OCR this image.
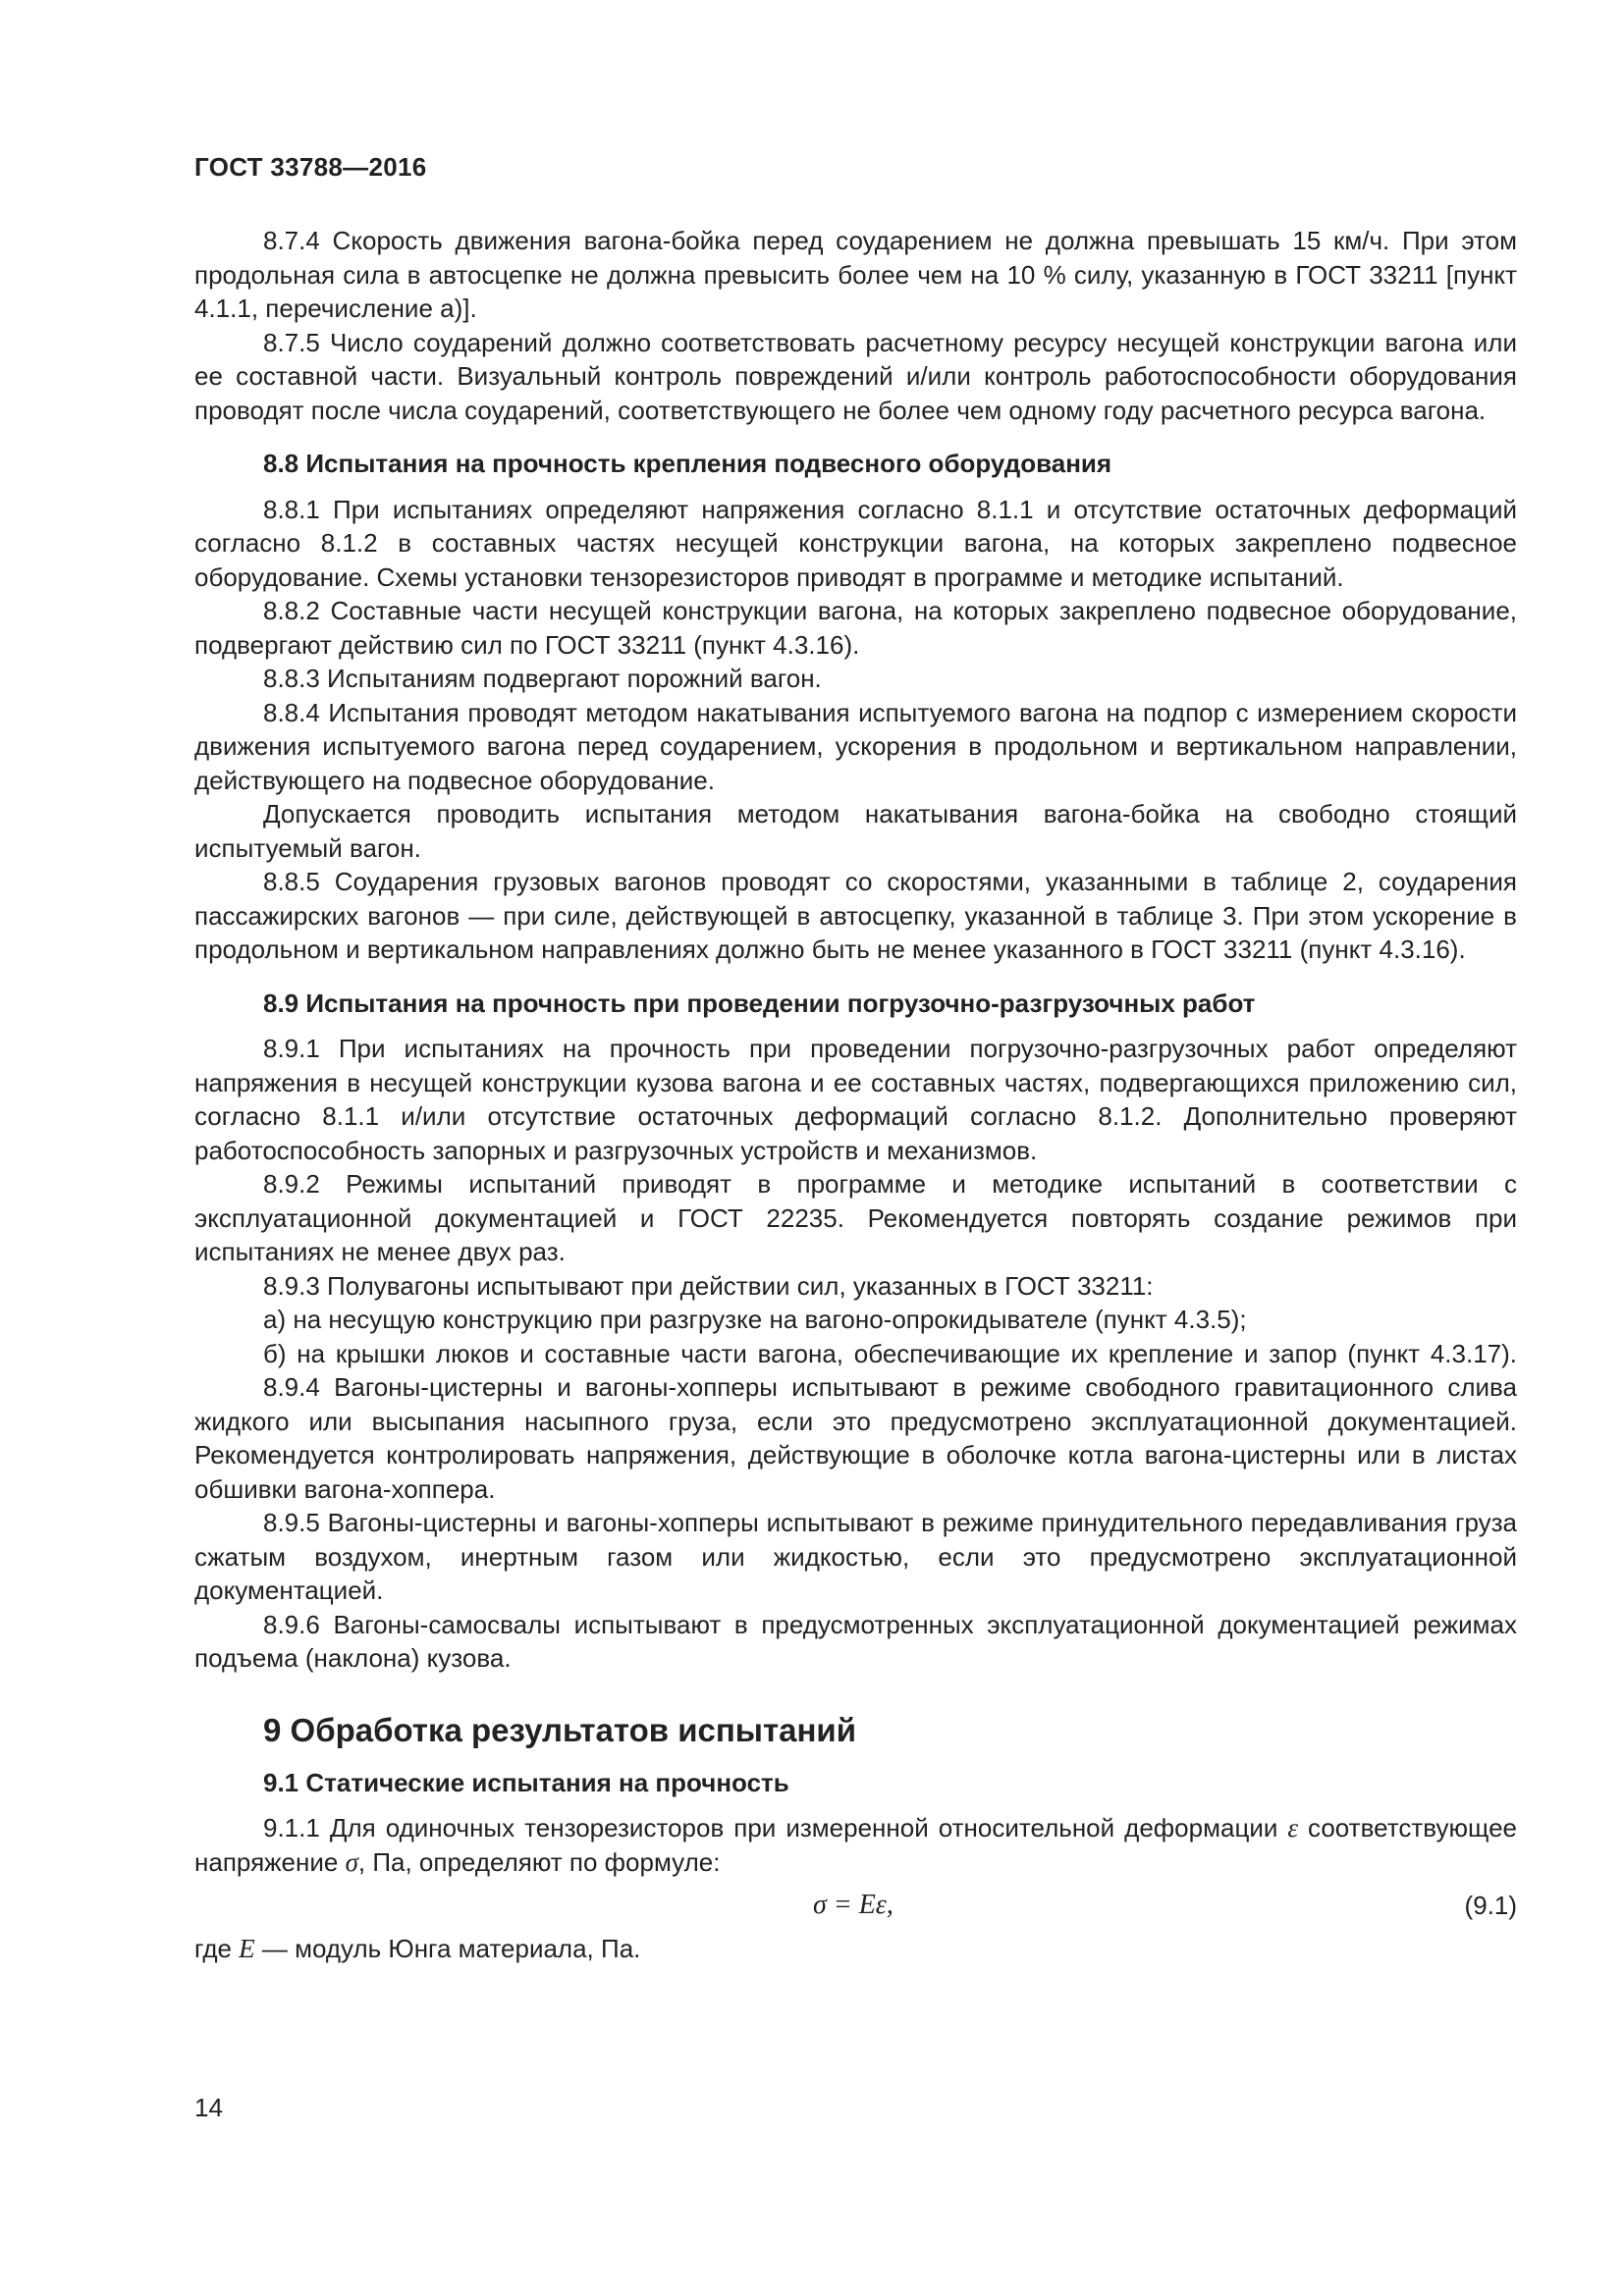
ГОСТ 33788—2016

8.7.4 Скорость движения вагона-бойка перед соударением не должна превышать 15 км/ч. При этом продольная сила в автосцепке не должна превысить более чем на 10 % силу, указанную в ГОСТ 33211 [пункт 4.1.1, перечисление а)].

8.7.5 Число соударений должно соответствовать расчетному ресурсу несущей конструкции вагона или ее составной части. Визуальный контроль повреждений и/или контроль работоспособности оборудования проводят после числа соударений, соответствующего не более чем одному году расчетного ресурса вагона.

8.8 Испытания на прочность крепления подвесного оборудования

8.8.1 При испытаниях определяют напряжения согласно 8.1.1 и отсутствие остаточных деформаций согласно 8.1.2 в составных частях несущей конструкции вагона, на которых закреплено подвесное оборудование. Схемы установки тензорезисторов приводят в программе и методике испытаний.

8.8.2 Составные части несущей конструкции вагона, на которых закреплено подвесное оборудование, подвергают действию сил по ГОСТ 33211 (пункт 4.3.16).

8.8.3 Испытаниям подвергают порожний вагон.

8.8.4 Испытания проводят методом накатывания испытуемого вагона на подпор с измерением скорости движения испытуемого вагона перед соударением, ускорения в продольном и вертикальном направлении, действующего на подвесное оборудование.

Допускается проводить испытания методом накатывания вагона-бойка на свободно стоящий испытуемый вагон.

8.8.5 Соударения грузовых вагонов проводят со скоростями, указанными в таблице 2, соударения пассажирских вагонов — при силе, действующей в автосцепку, указанной в таблице 3. При этом ускорение в продольном и вертикальном направлениях должно быть не менее указанного в ГОСТ 33211 (пункт 4.3.16).

8.9 Испытания на прочность при проведении погрузочно-разгрузочных работ

8.9.1 При испытаниях на прочность при проведении погрузочно-разгрузочных работ определяют напряжения в несущей конструкции кузова вагона и ее составных частях, подвергающихся приложению сил, согласно 8.1.1 и/или отсутствие остаточных деформаций согласно 8.1.2. Дополнительно проверяют работоспособность запорных и разгрузочных устройств и механизмов.

8.9.2 Режимы испытаний приводят в программе и методике испытаний в соответствии с эксплуатационной документацией и ГОСТ 22235. Рекомендуется повторять создание режимов при испытаниях не менее двух раз.

8.9.3 Полувагоны испытывают при действии сил, указанных в ГОСТ 33211:

а) на несущую конструкцию при разгрузке на вагоно-опрокидывателе (пункт 4.3.5);

б) на крышки люков и составные части вагона, обеспечивающие их крепление и запор (пункт 4.3.17).

8.9.4 Вагоны-цистерны и вагоны-хопперы испытывают в режиме свободного гравитационного слива жидкого или высыпания насыпного груза, если это предусмотрено эксплуатационной документацией. Рекомендуется контролировать напряжения, действующие в оболочке котла вагона-цистерны или в листах обшивки вагона-хоппера.

8.9.5 Вагоны-цистерны и вагоны-хопперы испытывают в режиме принудительного передавливания груза сжатым воздухом, инертным газом или жидкостью, если это предусмотрено эксплуатационной документацией.

8.9.6 Вагоны-самосвалы испытывают в предусмотренных эксплуатационной документацией режимах подъема (наклона) кузова.

9 Обработка результатов испытаний
9.1 Статические испытания на прочность

9.1.1 Для одиночных тензорезисторов при измеренной относительной деформации ε соответствующее напряжение σ, Па, определяют по формуле:

σ = Eε,	(9.1)

где E — модуль Юнга материала, Па.

14
